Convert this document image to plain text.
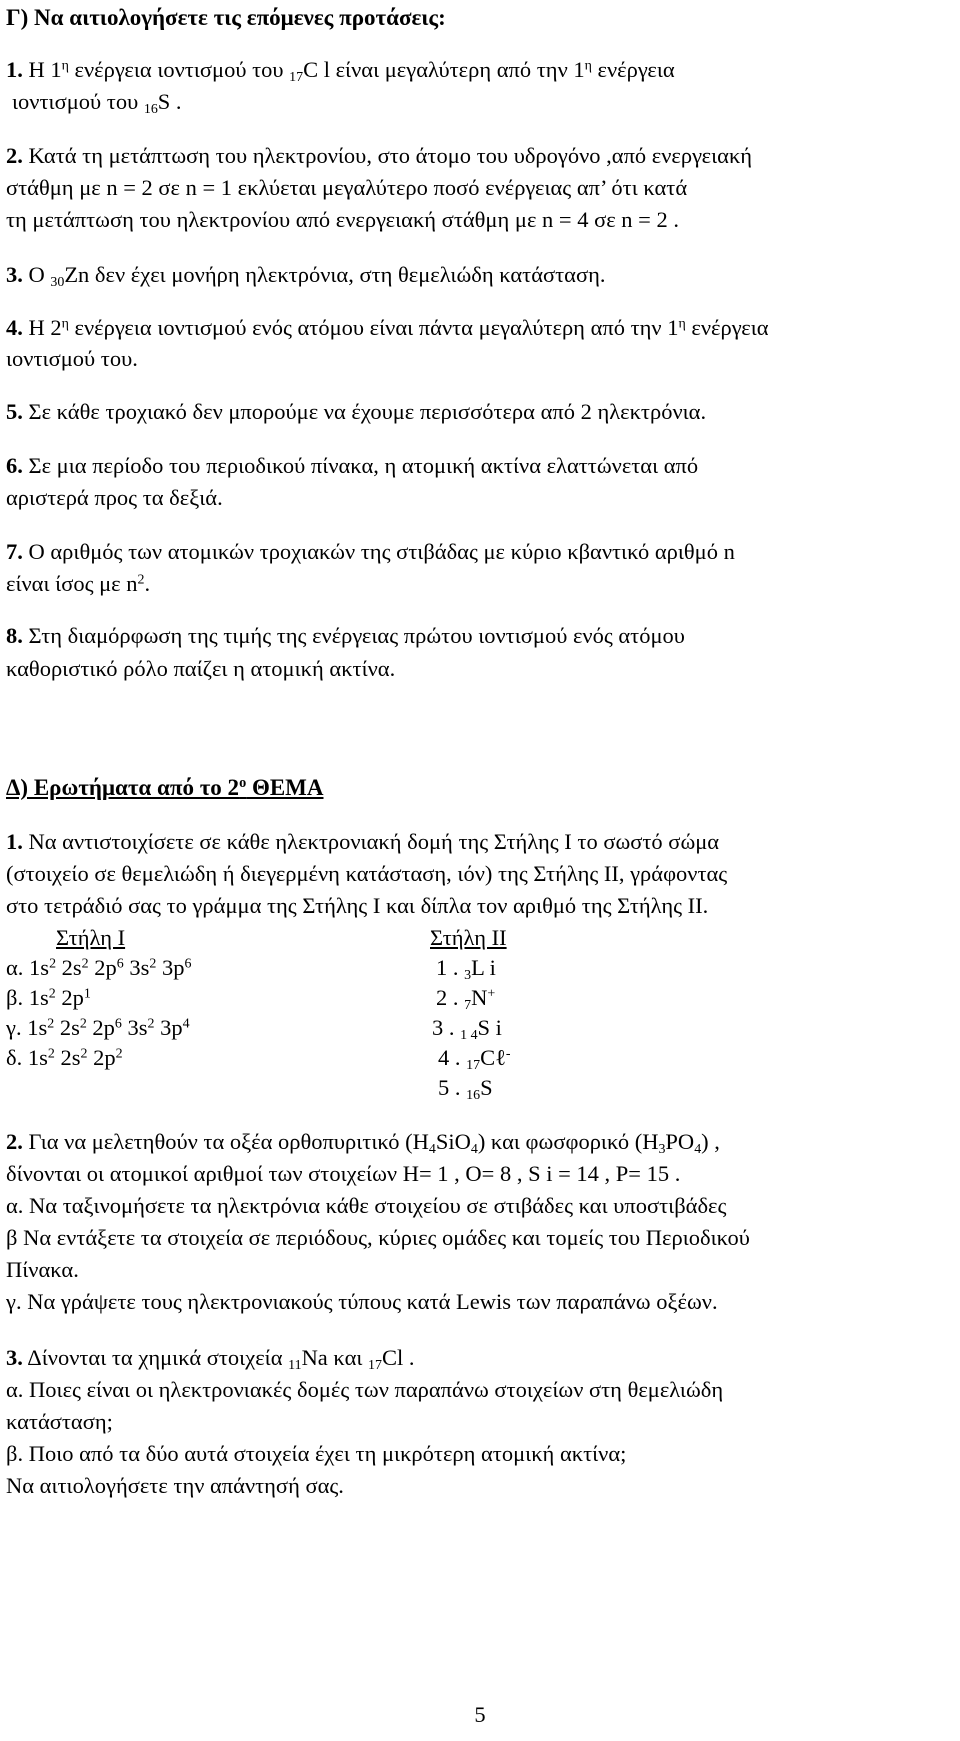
Γ) Να αιτιολογήσετε τις επόμενες προτάσεις:
1. Η $1^\eta$ ενέργεια ιοντισμού του $_{17}$C l είναι μεγαλύτερη από την $1^\eta$ ενέργεια
ιοντισμού του $_{16}$S .
2. Κατά τη μετάπτωση του ηλεκτρονίου, στο άτομο του υδρογόνο ,από ενεργειακή
στάθμη με n = 2 σε n = 1 εκλύεται μεγαλύτερο ποσό ενέργειας απ’ ότι κατά
τη μετάπτωση του ηλεκτρονίου από ενεργειακή στάθμη με n = 4 σε n = 2 .
3. Ο $_{30}$Zn δεν έχει μονήρη ηλεκτρόνια, στη θεμελιώδη κατάσταση.
4. Η $2^\eta$ ενέργεια ιοντισμού ενός ατόμου είναι πάντα μεγαλύτερη από την $1^\eta$ ενέργεια
ιοντισμού του.
5. Σε κάθε τροχιακό δεν μπορούμε να έχουμε περισσότερα από 2 ηλεκτρόνια.
6. Σε μια περίοδο του περιοδικού πίνακα, η ατομική ακτίνα ελαττώνεται από
αριστερά προς τα δεξιά.
7. Ο αριθμός των ατομικών τροχιακών της στιβάδας με κύριο κβαντικό αριθμό n
είναι ίσος με $n^2$.
8. Στη διαμόρφωση της τιμής της ενέργειας πρώτου ιοντισμού ενός ατόμου
καθοριστικό ρόλο παίζει η ατομική ακτίνα.
Δ) Ερωτήματα από το $2^o$ ΘΕΜΑ
1. Να αντιστοιχίσετε σε κάθε ηλεκτρονιακή δομή της Στήλης Ι το σωστό σώμα
(στοιχείο σε θεμελιώδη ή διεγερμένη κατάσταση, ιόν) της Στήλης ΙΙ, γράφοντας
στο τετράδιό σας το γράμμα της Στήλης Ι και δίπλα τον αριθμό της Στήλης ΙΙ.
Στήλη Ι	Στήλη ΙΙ
α. $1s^2$ $2s^2$ $2p^6$ $3s^2$ $3p^6$
β. $1s^2$ $2p^1$
γ. $1s^2$ $2s^2$ $2p^6$ $3s^2$ $3p^4$
δ. $1s^2$ $2s^2$ $2p^2$
1 . $_3$L i
2 . $_7$N+
3 . $_{1 4}$S i
4 . $_{17}$Cℓ-
5 . $_{16}$S
2. Για να μελετηθούν τα οξέα ορθοπυριτικό $(H_4SiO_4)$ και φωσφορικό $(H_3PO_4)$ ,
δίνονται οι ατομικοί αριθμοί των στοιχείων Η= 1 , Ο= 8 , S i = 14 , P= 15 .
α. Να ταξινομήσετε τα ηλεκτρόνια κάθε στοιχείου σε στιβάδες και υποστιβάδες
β Να εντάξετε τα στοιχεία σε περιόδους, κύριες ομάδες και τομείς του Περιοδικού
Πίνακα.
γ. Να γράψετε τους ηλεκτρονιακούς τύπους κατά Lewis των παραπάνω οξέων.
3. Δίνονται τα χημικά στοιχεία $_{11}$Na και $_{17}$Cl .
α. Ποιες είναι οι ηλεκτρονιακές δομές των παραπάνω στοιχείων στη θεμελιώδη
κατάσταση;
β. Ποιο από τα δύο αυτά στοιχεία έχει τη μικρότερη ατομική ακτίνα;
Να αιτιολογήσετε την απάντησή σας.
5
